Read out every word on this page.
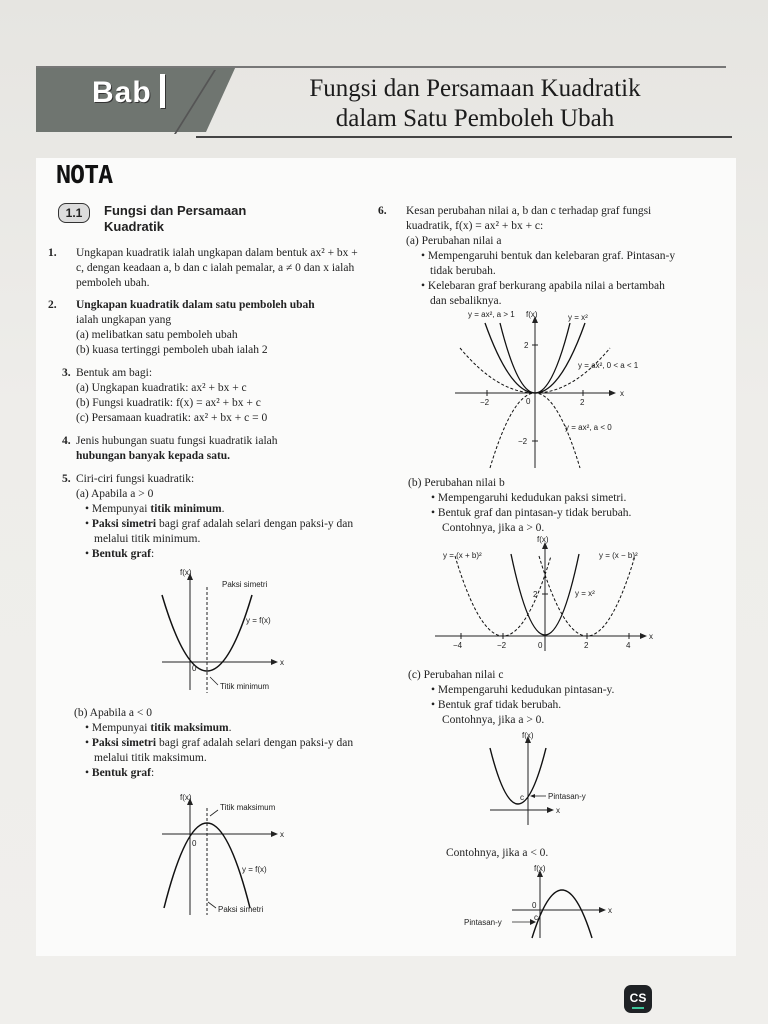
Bab	Fungsi dan Persamaan Kuadratik
dalam Satu Pemboleh Ubah
NOTA
1.1	Fungsi dan Persamaan Kuadratik

1. Ungkapan kuadratik ialah ungkapan dalam bentuk ax² + bx + c, dengan keadaan a, b dan c ialah pemalar, a ≠ 0 dan x ialah pemboleh ubah.

2. Ungkapan kuadratik dalam satu pemboleh ubah

ialah ungkapan yang

(a) melibatkan satu pemboleh ubah

(b) kuasa tertinggi pemboleh ubah ialah 2

3. Bentuk am bagi:

(a) Ungkapan kuadratik: ax² + bx + c

(b) Fungsi kuadratik: f(x) = ax² + bx + c

(c) Persamaan kuadratik: ax² + bx + c = 0

4. Jenis hubungan suatu fungsi kuadratik ialah

hubungan banyak kepada satu.

5. Ciri-ciri fungsi kuadratik:

(a) Apabila a > 0

• Mempunyai titik minimum.

• Paksi simetri bagi graf adalah selari dengan paksi-y dan melalui titik minimum.

• Bentuk graf:

f(x)
x
0
Paksi simetri
y = f(x)
Titik minimum

(b) Apabila a < 0

• Mempunyai titik maksimum.

• Paksi simetri bagi graf adalah selari dengan paksi-y dan melalui titik maksimum.

• Bentuk graf:

f(x)
x
0
Titik maksimum
y = f(x)
Paksi simetri

6. Kesan perubahan nilai a, b dan c terhadap graf fungsi kuadratik, f(x) = ax² + bx + c:

(a) Perubahan nilai a

• Mempengaruhi bentuk dan kelebaran graf. Pintasan-y tidak berubah.

• Kelebaran graf berkurang apabila nilai a bertambah dan sebaliknya.

f(x)
x
y = ax², a > 1	y = x²
y = ax², 0 < a < 1
y = ax², a < 0
2
−2
0	2
−2

(b) Perubahan nilai b

• Mempengaruhi kedudukan paksi simetri.

• Bentuk graf dan pintasan-y tidak berubah.

Contohnya, jika a > 0.

f(x)
x
y = (x + b)²	y = (x − b)²
y = x²
2
−4	−2	0	2	4

(c) Perubahan nilai c

• Mempengaruhi kedudukan pintasan-y.

• Bentuk graf tidak berubah.

Contohnya, jika a > 0.

f(x)
x
c	Pintasan-y

Contohnya, jika a < 0.

f(x)
x
c
0
Pintasan-y
CS
